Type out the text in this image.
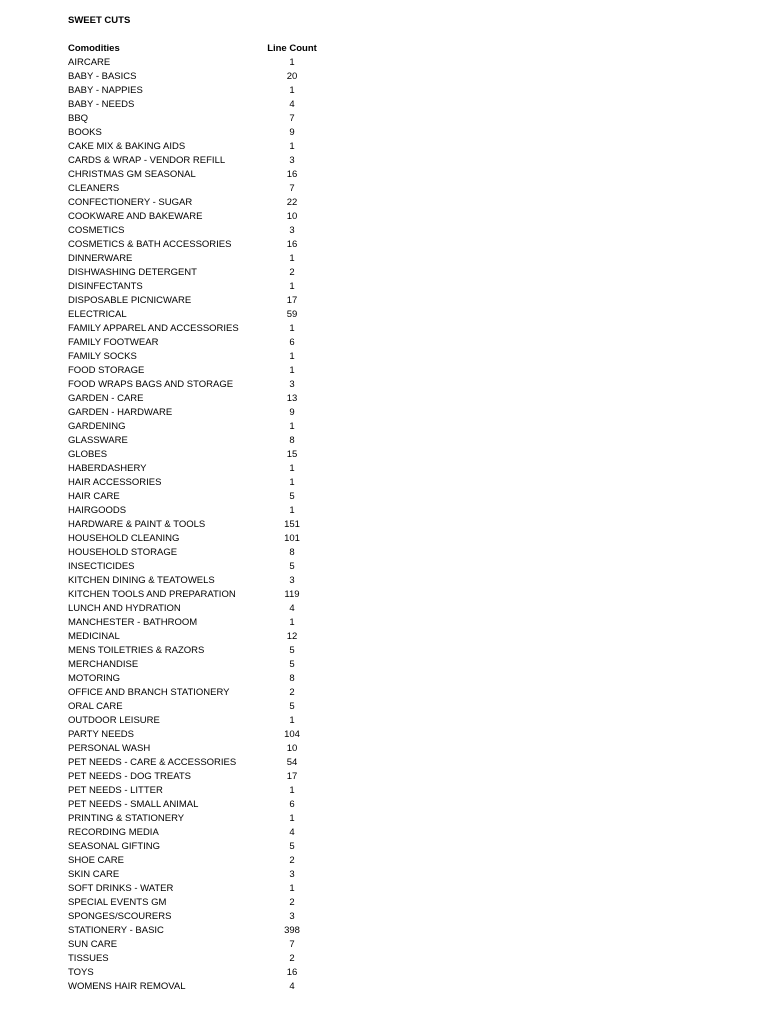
SWEET CUTS
Comodities	Line Count
AIRCARE	1
BABY - BASICS	20
BABY - NAPPIES	1
BABY - NEEDS	4
BBQ	7
BOOKS	9
CAKE MIX & BAKING AIDS	1
CARDS & WRAP - VENDOR REFILL	3
CHRISTMAS GM SEASONAL	16
CLEANERS	7
CONFECTIONERY - SUGAR	22
COOKWARE AND BAKEWARE	10
COSMETICS	3
COSMETICS & BATH ACCESSORIES	16
DINNERWARE	1
DISHWASHING DETERGENT	2
DISINFECTANTS	1
DISPOSABLE PICNICWARE	17
ELECTRICAL	59
FAMILY APPAREL AND ACCESSORIES	1
FAMILY FOOTWEAR	6
FAMILY SOCKS	1
FOOD STORAGE	1
FOOD WRAPS BAGS AND STORAGE	3
GARDEN - CARE	13
GARDEN - HARDWARE	9
GARDENING	1
GLASSWARE	8
GLOBES	15
HABERDASHERY	1
HAIR ACCESSORIES	1
HAIR CARE	5
HAIRGOODS	1
HARDWARE & PAINT & TOOLS	151
HOUSEHOLD CLEANING	101
HOUSEHOLD STORAGE	8
INSECTICIDES	5
KITCHEN DINING & TEATOWELS	3
KITCHEN TOOLS AND PREPARATION	119
LUNCH AND HYDRATION	4
MANCHESTER - BATHROOM	1
MEDICINAL	12
MENS TOILETRIES & RAZORS	5
MERCHANDISE	5
MOTORING	8
OFFICE AND BRANCH STATIONERY	2
ORAL CARE	5
OUTDOOR LEISURE	1
PARTY NEEDS	104
PERSONAL WASH	10
PET NEEDS - CARE & ACCESSORIES	54
PET NEEDS - DOG TREATS	17
PET NEEDS - LITTER	1
PET NEEDS - SMALL ANIMAL	6
PRINTING & STATIONERY	1
RECORDING MEDIA	4
SEASONAL GIFTING	5
SHOE CARE	2
SKIN CARE	3
SOFT DRINKS - WATER	1
SPECIAL EVENTS GM	2
SPONGES/SCOURERS	3
STATIONERY - BASIC	398
SUN CARE	7
TISSUES	2
TOYS	16
WOMENS HAIR REMOVAL	4
